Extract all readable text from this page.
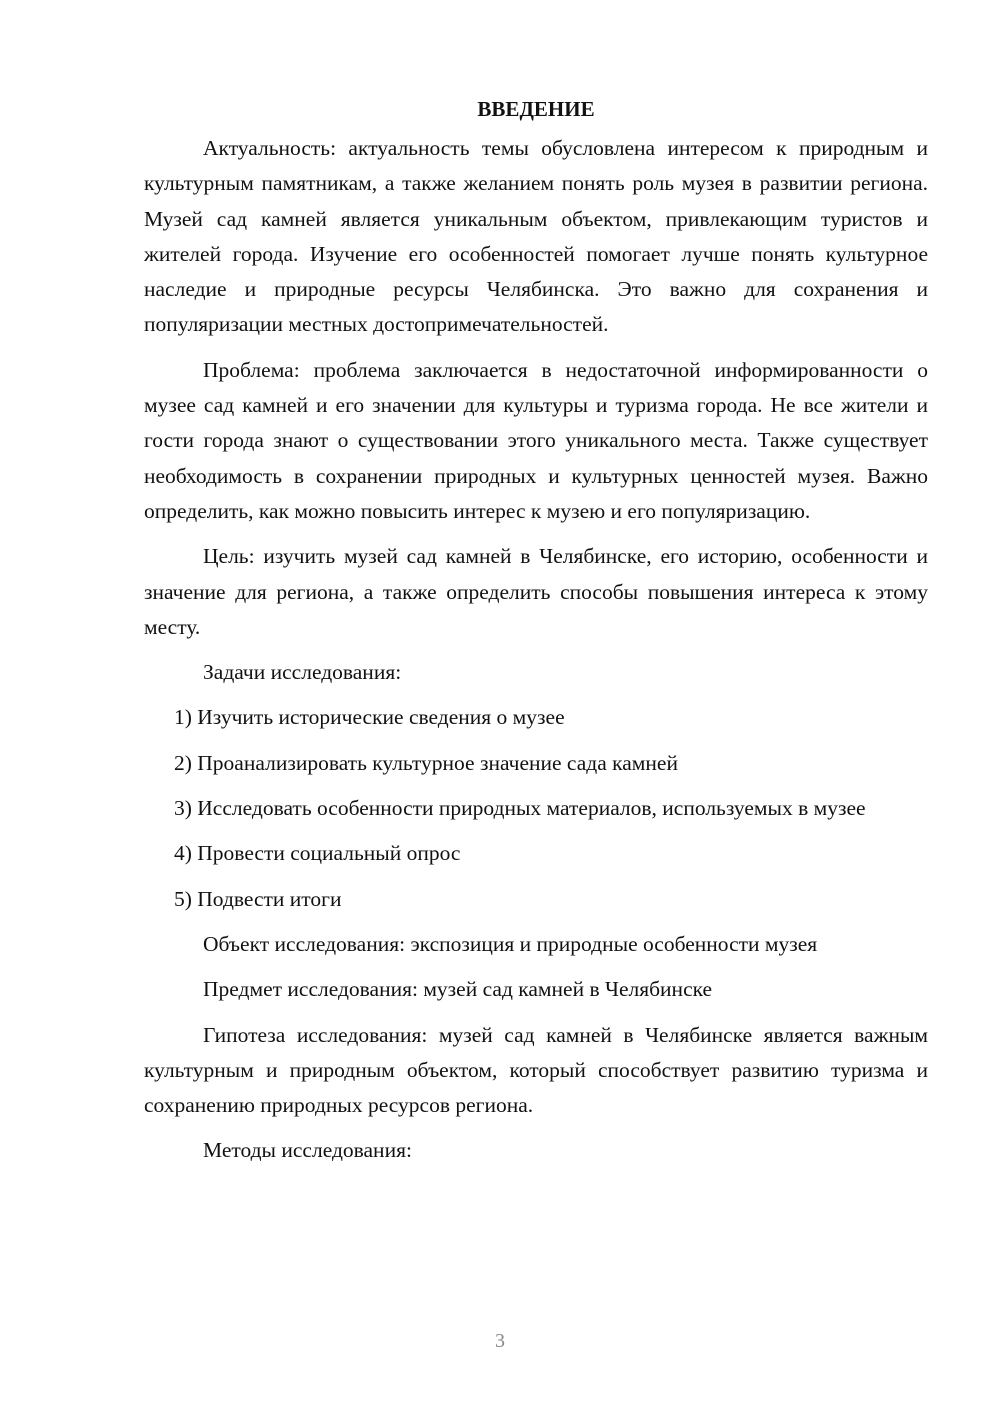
ВВЕДЕНИЕ

Актуальность: актуальность темы обусловлена интересом к природным и культурным памятникам, а также желанием понять роль музея в развитии региона. Музей сад камней является уникальным объектом, привлекающим туристов и жителей города. Изучение его особенностей помогает лучше понять культурное наследие и природные ресурсы Челябинска. Это важно для сохранения и популяризации местных достопримечательностей.

Проблема: проблема заключается в недостаточной информированности о музее сад камней и его значении для культуры и туризма города. Не все жители и гости города знают о существовании этого уникального места. Также существует необходимость в сохранении природных и культурных ценностей музея. Важно определить, как можно повысить интерес к музею и его популяризацию.

Цель: изучить музей сад камней в Челябинске, его историю, особенности и значение для региона, а также определить способы повышения интереса к этому месту.

Задачи исследования:

1) Изучить исторические сведения о музее

2) Проанализировать культурное значение сада камней

3) Исследовать особенности природных материалов, используемых в музее

4) Провести социальный опрос

5) Подвести итоги

Объект исследования: экспозиция и природные особенности музея

Предмет исследования: музей сад камней в Челябинске

Гипотеза исследования: музей сад камней в Челябинске является важным культурным и природным объектом, который способствует развитию туризма и сохранению природных ресурсов региона.

Методы исследования:

3
